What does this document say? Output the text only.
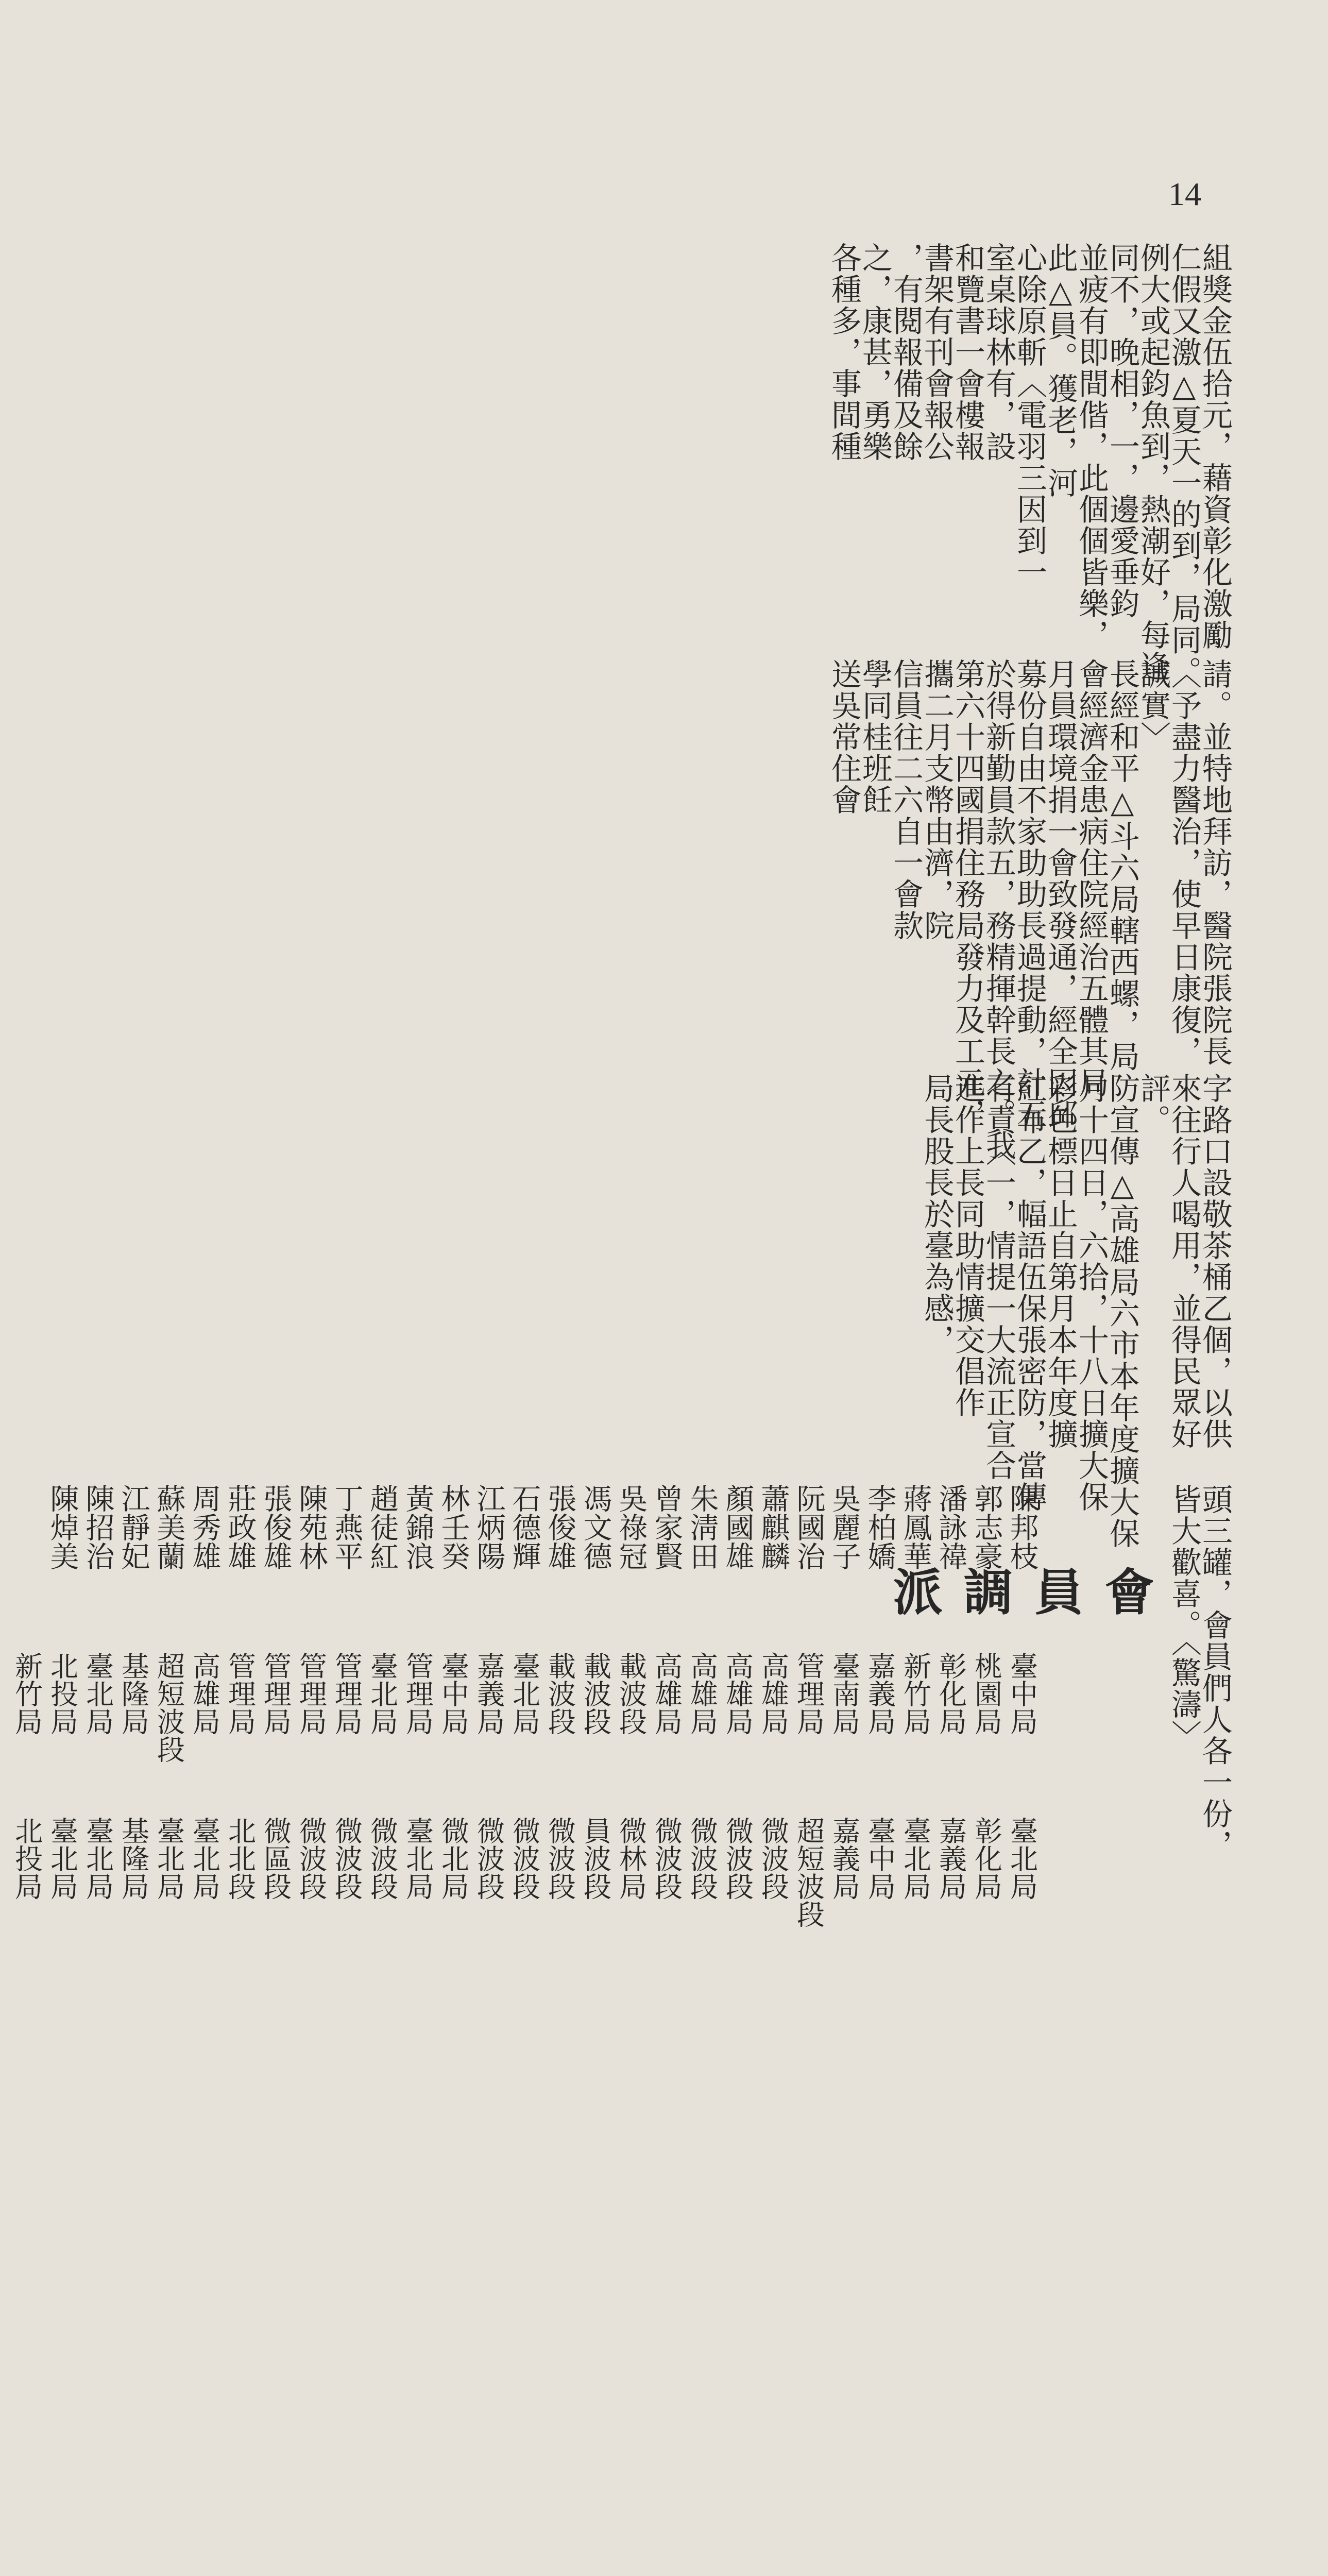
14
組獎金伍拾元，藉資彰化激勵
仁假又激△夏天一的到，局同。
例大或起鈞魚到，熱潮好，每逢
同不，晚相，一，邊愛垂鈞
並疲有即間偕，此個個皆樂，
此△員。獲老，河
心除原斬〈電羽三因到一
室桌球林有，設
和覽書一會樓報
書架有刊會報公
，有閱報備及餘
之，康甚，勇樂
各種多，事間種
請。並特地拜訪，醫院張院長
〈予盡力醫治，使早日康復，
誠實〉
長經和平△斗六局轄西螺，局
會經濟金患病住院經治五體其局
月員環境捐一會致發通，經全因邱
募份自由不家助助長過提動，計五
於得新勤員款五，務精揮幹長之。我
第六十四國捐住務局發力及工元，
攜二月支幣由濟，院
信員往二六自一會款
學同桂班飪
送吳常住會
字路口設敬茶桶乙個，以供
來往行人喝用，並得民眾好
評。
防宣傳△高雄局六市本年度擴大保
月十四日，六拾，十八日擴大保
彩色標日止自第月本年度擴
紅布乙，幅語伍保張密防，當傳
有責〈一，情提一大流正宣合
進作上長同助情擴交倡作
局長股長於臺為感，
頭三罐，會員們人各一份，
皆大歡喜。〈驚濤〉
會員調派
陳邦枝
臺中局
臺北局
郭志豪
桃園局
彰化局
潘詠禕
彰化局
嘉義局
蔣鳳華
新竹局
臺北局
李柏嬌
嘉義局
臺中局
吳麗子
臺南局
嘉義局
阮國治
管理局
超短波段
蕭麒麟
高雄局
微波段
顏國雄
高雄局
微波段
朱淸田
高雄局
微波段
曾家賢
高雄局
微波段
吳祿冠
載波段
微林局
馮文德
載波段
員波段
張俊雄
載波段
微波段
石德輝
臺北局
微波段
江炳陽
嘉義局
微波段
林壬癸
臺中局
微北局
黃錦浪
管理局
臺北局
趙徒紅
臺北局
微波段
丁燕平
管理局
微波段
陳苑林
管理局
微波段
張俊雄
管理局
微區段
莊政雄
管理局
北北段
周秀雄
高雄局
臺北局
蘇美蘭
超短波段
臺北局
江靜妃
基隆局
基隆局
陳招治
臺北局
臺北局
陳焯美
北投局
臺北局

新竹局
北投局
